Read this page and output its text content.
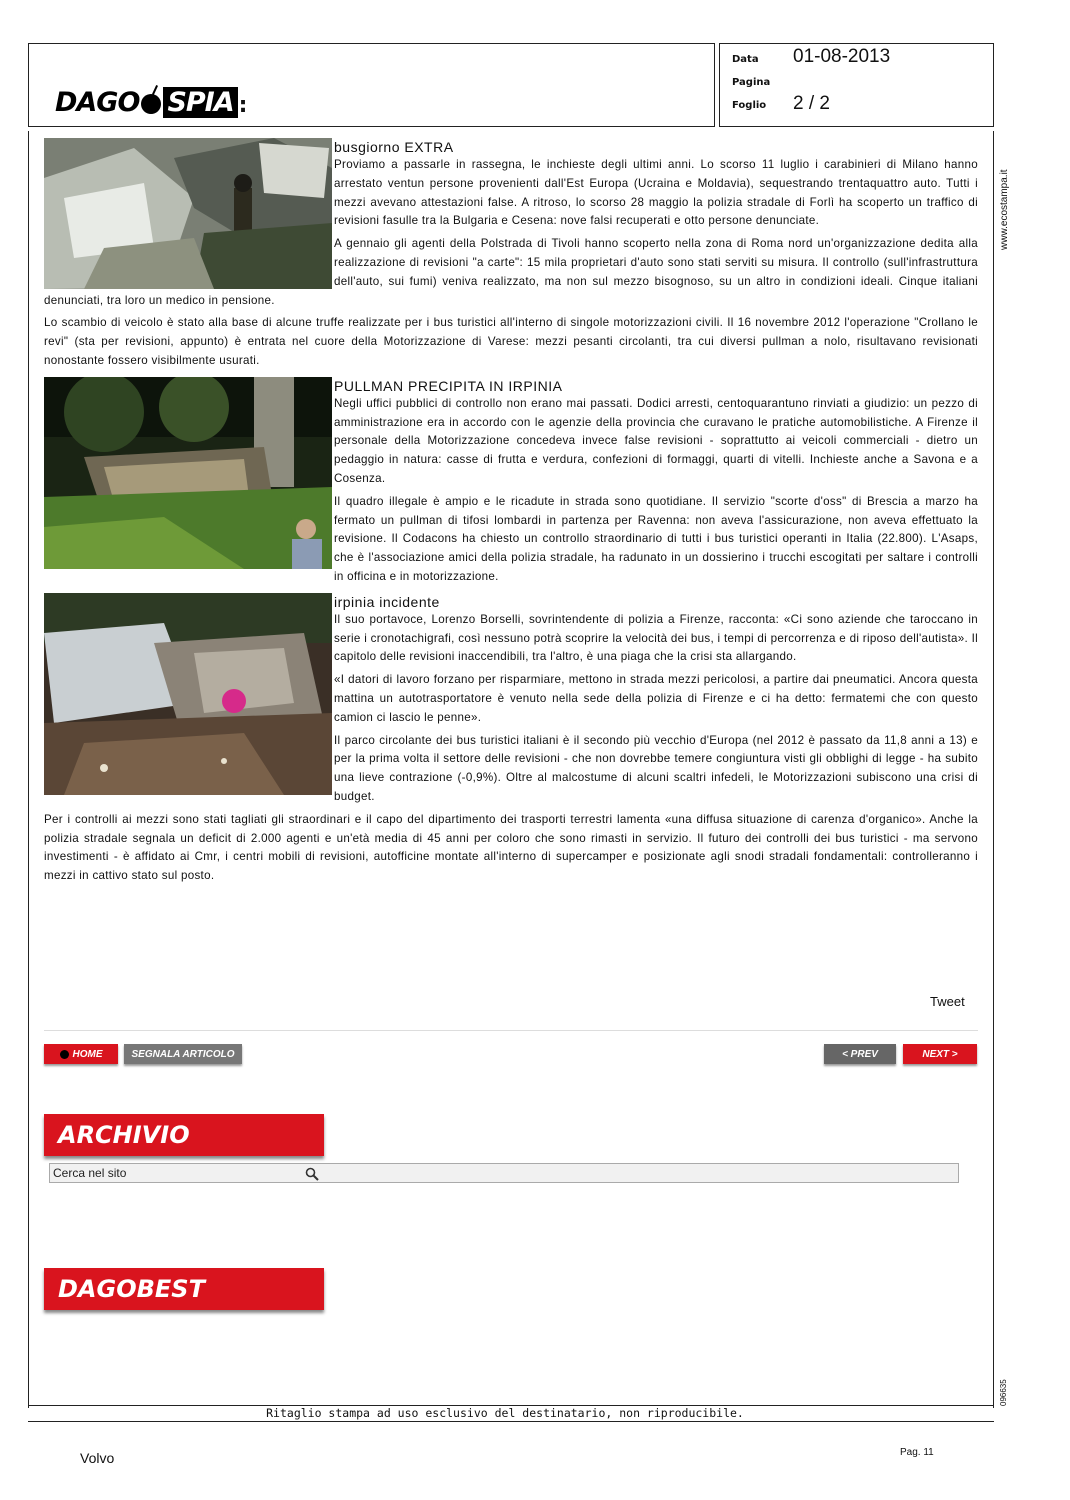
DAGO SPIA :
Data 01-08-2013
Pagina
Foglio 2 / 2
www.ecostampa.it
096635
busgiorno EXTRA

Proviamo a passarle in rassegna, le inchieste degli ultimi anni. Lo scorso 11 luglio i carabinieri di Milano hanno arrestato ventun persone provenienti dall'Est Europa (Ucraina e Moldavia), sequestrando trentaquattro auto. Tutti i mezzi avevano attestazioni false. A ritroso, lo scorso 28 maggio la polizia stradale di Forlì ha scoperto un traffico di revisioni fasulle tra la Bulgaria e Cesena: nove falsi recuperati e otto persone denunciate.

A gennaio gli agenti della Polstrada di Tivoli hanno scoperto nella zona di Roma nord un'organizzazione dedita alla realizzazione di revisioni "a carte": 15 mila proprietari d'auto sono stati serviti su misura. Il controllo (sull'infrastruttura dell'auto, sui fumi) veniva realizzato, ma non sul mezzo bisognoso, su un altro in condizioni ideali. Cinque italiani denunciati, tra loro un medico in pensione.

Lo scambio di veicolo è stato alla base di alcune truffe realizzate per i bus turistici all'interno di singole motorizzazioni civili. Il 16 novembre 2012 l'operazione "Crollano le revi" (sta per revisioni, appunto) è entrata nel cuore della Motorizzazione di Varese: mezzi pesanti circolanti, tra cui diversi pullman a nolo, risultavano revisionati nonostante fossero visibilmente usurati.

PULLMAN PRECIPITA IN IRPINIA

Negli uffici pubblici di controllo non erano mai passati. Dodici arresti, centoquarantuno rinviati a giudizio: un pezzo di amministrazione era in accordo con le agenzie della provincia che curavano le pratiche automobilistiche. A Firenze il personale della Motorizzazione concedeva invece false revisioni - soprattutto ai veicoli commerciali - dietro un pedaggio in natura: casse di frutta e verdura, confezioni di formaggi, quarti di vitelli. Inchieste anche a Savona e a Cosenza.

Il quadro illegale è ampio e le ricadute in strada sono quotidiane. Il servizio "scorte d'oss" di Brescia a marzo ha fermato un pullman di tifosi lombardi in partenza per Ravenna: non aveva l'assicurazione, non aveva effettuato la revisione. Il Codacons ha chiesto un controllo straordinario di tutti i bus turistici operanti in Italia (22.800). L'Asaps, che è l'associazione amici della polizia stradale, ha radunato in un dossierino i trucchi escogitati per saltare i controlli in officina e in motorizzazione.

irpinia incidente

Il suo portavoce, Lorenzo Borselli, sovrintendente di polizia a Firenze, racconta: «Ci sono aziende che taroccano in serie i cronotachigrafi, così nessuno potrà scoprire la velocità dei bus, i tempi di percorrenza e di riposo dell'autista». Il capitolo delle revisioni inaccendibili, tra l'altro, è una piaga che la crisi sta allargando.

«I datori di lavoro forzano per risparmiare, mettono in strada mezzi pericolosi, a partire dai pneumatici. Ancora questa mattina un autotrasportatore è venuto nella sede della polizia di Firenze e ci ha detto: fermatemi che con questo camion ci lascio le penne».

Il parco circolante dei bus turistici italiani è il secondo più vecchio d'Europa (nel 2012 è passato da 11,8 anni a 13) e per la prima volta il settore delle revisioni - che non dovrebbe temere congiuntura visti gli obblighi di legge - ha subito una lieve contrazione (-0,9%). Oltre al malcostume di alcuni scaltri infedeli, le Motorizzazioni subiscono una crisi di budget.

Per i controlli ai mezzi sono stati tagliati gli straordinari e il capo del dipartimento dei trasporti terrestri lamenta «una diffusa situazione di carenza d'organico». Anche la polizia stradale segnala un deficit di 2.000 agenti e un'età media di 45 anni per coloro che sono rimasti in servizio. Il futuro dei controlli dei bus turistici - ma servono investimenti - è affidato ai Cmr, i centri mobili di revisioni, autofficine montate all'interno di supercamper e posizionate agli snodi stradali fondamentali: controlleranno i mezzi in cattivo stato sul posto.

Tweet
HOME	SEGNALA ARTICOLO	< PREV	NEXT >
ARCHIVIO
Cerca nel sito
DAGOBEST
Ritaglio stampa ad uso esclusivo del destinatario, non riproducibile.
Volvo	Pag. 11
